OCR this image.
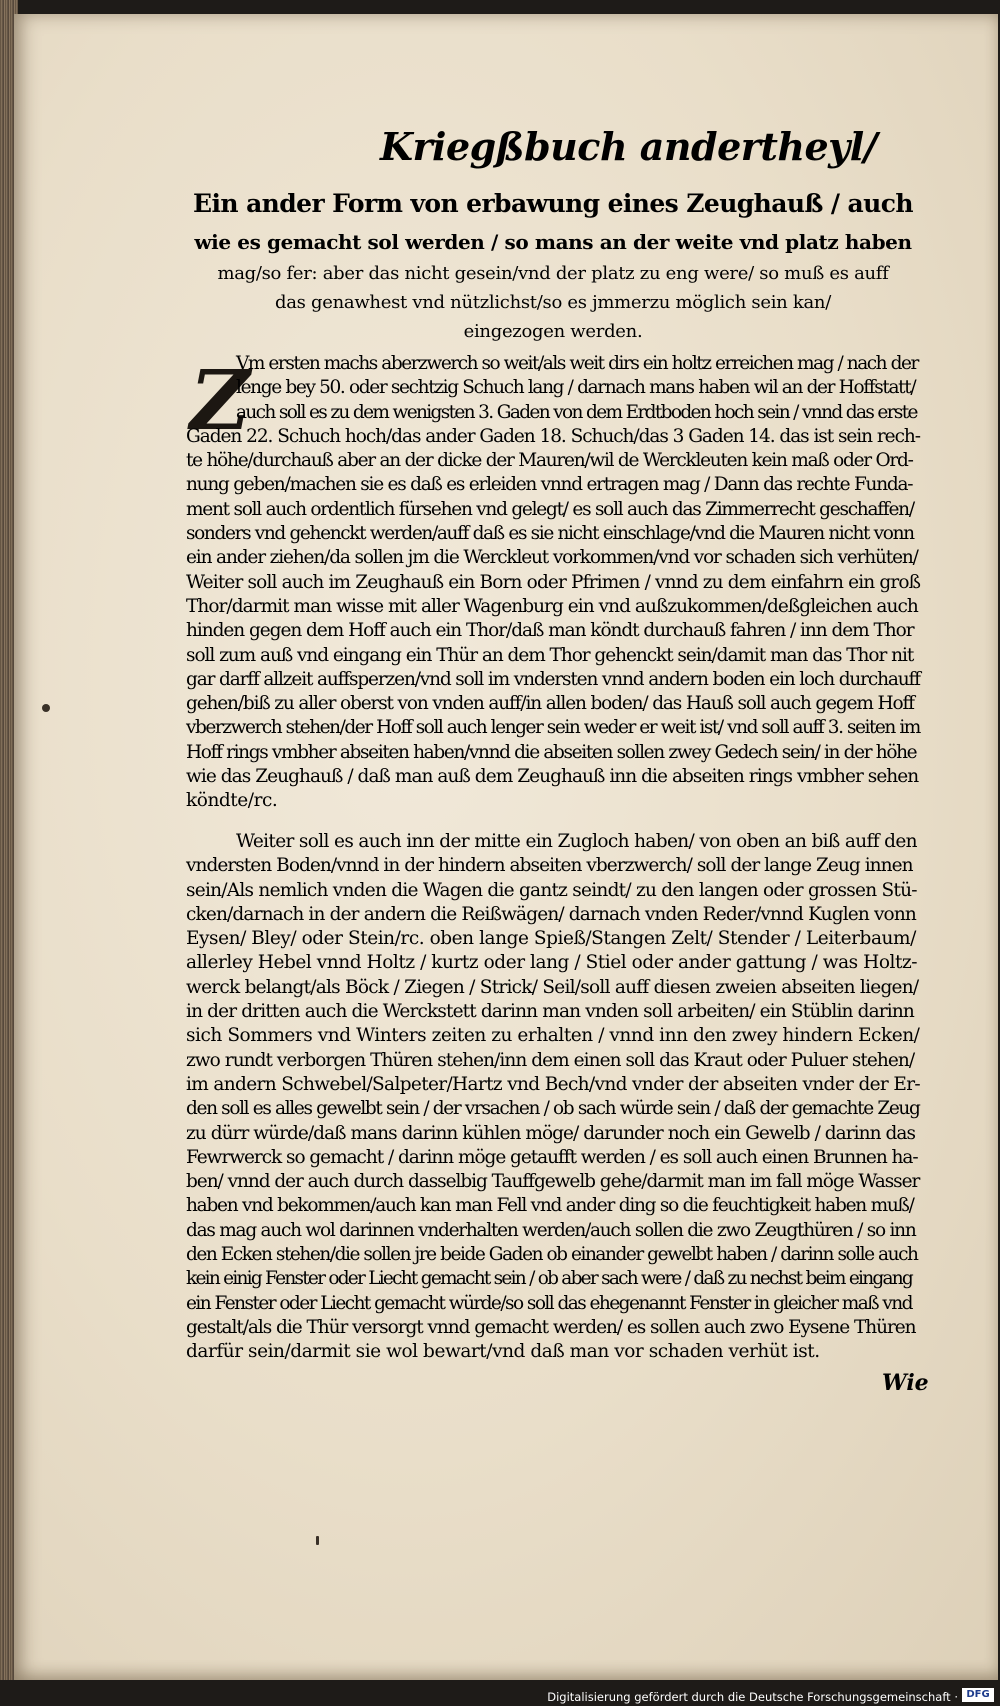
Kriegßbuch andertheyl/
Ein ander Form von erbawung eines Zeughauß / auch
wie es gemacht sol werden / so mans an der weite vnd platz haben
mag/so fer: aber das nicht gesein/vnd der platz zu eng were/ so muß es auff
das genawhest vnd nützlichst/so es jmmerzu möglich sein kan/
eingezogen werden.
Z
Vm ersten machs aberzwerch so weit/als weit dirs ein holtz erreichen mag / nach der
lenge bey 50. oder sechtzig Schuch lang / darnach mans haben wil an der Hoffstatt/
auch soll es zu dem wenigsten 3. Gaden von dem Erdtboden hoch sein / vnnd das erste
Gaden 22. Schuch hoch/das ander Gaden 18. Schuch/das 3 Gaden 14. das ist sein rech-
te höhe/durchauß aber an der dicke der Mauren/wil de Werckleuten kein maß oder Ord-
nung geben/machen sie es daß es erleiden vnnd ertragen mag / Dann das rechte Funda-
ment soll auch ordentlich fürsehen vnd gelegt/ es soll auch das Zimmerrecht geschaffen/
sonders vnd gehenckt werden/auff daß es sie nicht einschlage/vnd die Mauren nicht vonn
ein ander ziehen/da sollen jm die Werckleut vorkommen/vnd vor schaden sich verhüten/
Weiter soll auch im Zeughauß ein Born oder Pfrimen / vnnd zu dem einfahrn ein groß
Thor/darmit man wisse mit aller Wagenburg ein vnd außzukommen/deßgleichen auch
hinden gegen dem Hoff auch ein Thor/daß man köndt durchauß fahren / inn dem Thor
soll zum auß vnd eingang ein Thür an dem Thor gehenckt sein/damit man das Thor nit
gar darff allzeit auffsperzen/vnd soll im vndersten vnnd andern boden ein loch durchauff
gehen/biß zu aller oberst von vnden auff/in allen boden/ das Hauß soll auch gegem Hoff
vberzwerch stehen/der Hoff soll auch lenger sein weder er weit ist/ vnd soll auff 3. seiten im
Hoff rings vmbher abseiten haben/vnnd die abseiten sollen zwey Gedech sein/ in der höhe
wie das Zeughauß / daß man auß dem Zeughauß inn die abseiten rings vmbher sehen
köndte/rc.
Weiter soll es auch inn der mitte ein Zugloch haben/ von oben an biß auff den
vndersten Boden/vnnd in der hindern abseiten vberzwerch/ soll der lange Zeug innen
sein/Als nemlich vnden die Wagen die gantz seindt/ zu den langen oder grossen Stü-
cken/darnach in der andern die Reißwägen/ darnach vnden Reder/vnnd Kuglen vonn
Eysen/ Bley/ oder Stein/rc. oben lange Spieß/Stangen Zelt/ Stender / Leiterbaum/
allerley Hebel vnnd Holtz / kurtz oder lang / Stiel oder ander gattung / was Holtz-
werck belangt/als Böck / Ziegen / Strick/ Seil/soll auff diesen zweien abseiten liegen/
in der dritten auch die Werckstett darinn man vnden soll arbeiten/ ein Stüblin darinn
sich Sommers vnd Winters zeiten zu erhalten / vnnd inn den zwey hindern Ecken/
zwo rundt verborgen Thüren stehen/inn dem einen soll das Kraut oder Puluer stehen/
im andern Schwebel/Salpeter/Hartz vnd Bech/vnd vnder der abseiten vnder der Er-
den soll es alles gewelbt sein / der vrsachen / ob sach würde sein / daß der gemachte Zeug
zu dürr würde/daß mans darinn kühlen möge/ darunder noch ein Gewelb / darinn das
Fewrwerck so gemacht / darinn möge getaufft werden / es soll auch einen Brunnen ha-
ben/ vnnd der auch durch dasselbig Tauffgewelb gehe/darmit man im fall möge Wasser
haben vnd bekommen/auch kan man Fell vnd ander ding so die feuchtigkeit haben muß/
das mag auch wol darinnen vnderhalten werden/auch sollen die zwo Zeugthüren / so inn
den Ecken stehen/die sollen jre beide Gaden ob einander gewelbt haben / darinn solle auch
kein einig Fenster oder Liecht gemacht sein / ob aber sach were / daß zu nechst beim eingang
ein Fenster oder Liecht gemacht würde/so soll das ehegenannt Fenster in gleicher maß vnd
gestalt/als die Thür versorgt vnnd gemacht werden/ es sollen auch zwo Eysene Thüren
darfür sein/darmit sie wol bewart/vnd daß man vor schaden verhüt ist.
Wie
Digitalisierung gefördert durch die Deutsche Forschungsgemeinschaft · DFG
